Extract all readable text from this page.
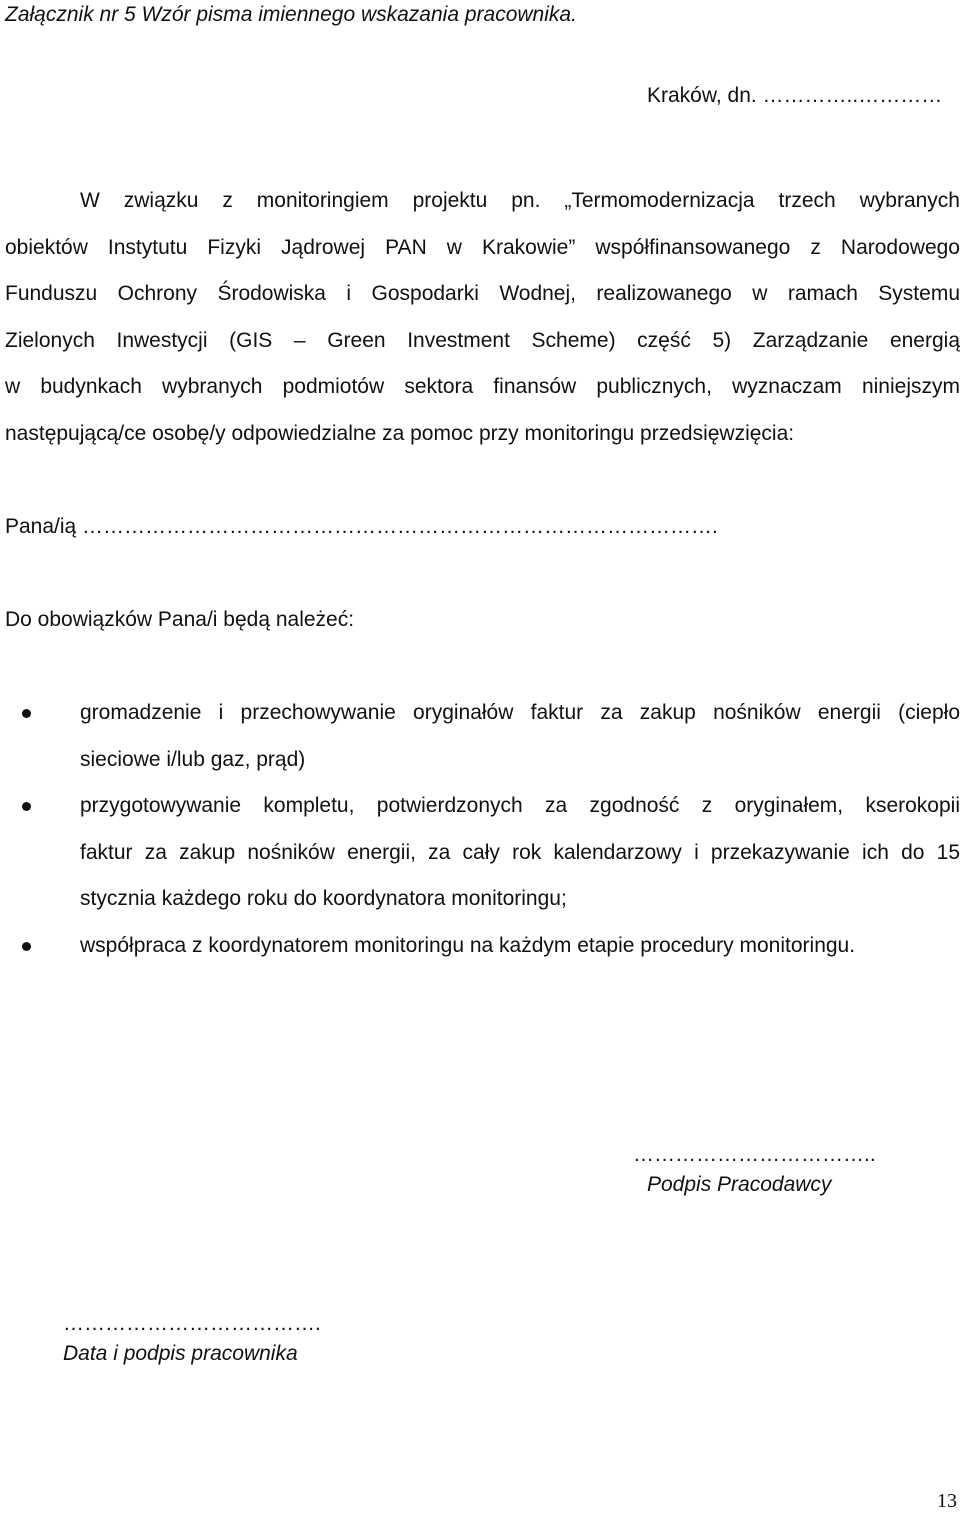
Załącznik nr 5 Wzór pisma imiennego wskazania pracownika.
Kraków, dn. …………..…………
W związku z monitoringiem projektu pn. „Termomodernizacja trzech wybranych
obiektów Instytutu Fizyki Jądrowej PAN w Krakowie” współfinansowanego z Narodowego
Funduszu Ochrony Środowiska i Gospodarki Wodnej, realizowanego w ramach Systemu
Zielonych Inwestycji (GIS – Green Investment Scheme) część 5) Zarządzanie energią
w budynkach wybranych podmiotów sektora finansów publicznych, wyznaczam niniejszym
następującą/ce osobę/y odpowiedzialne za pomoc przy monitoringu przedsięwzięcia:
Pana/ią ……………………………………………………………………………….
Do obowiązków Pana/i będą należeć:
gromadzenie i przechowywanie oryginałów faktur za zakup nośników energii (ciepło
sieciowe i/lub gaz, prąd)
przygotowywanie kompletu, potwierdzonych za zgodność z oryginałem, kserokopii
faktur za zakup nośników energii, za cały rok kalendarzowy i przekazywanie ich do 15
stycznia każdego roku do koordynatora monitoringu;
współpraca z koordynatorem monitoringu na każdym etapie procedury monitoringu.
……………………………..
Podpis Pracodawcy
……………………………….
Data i podpis pracownika
13
